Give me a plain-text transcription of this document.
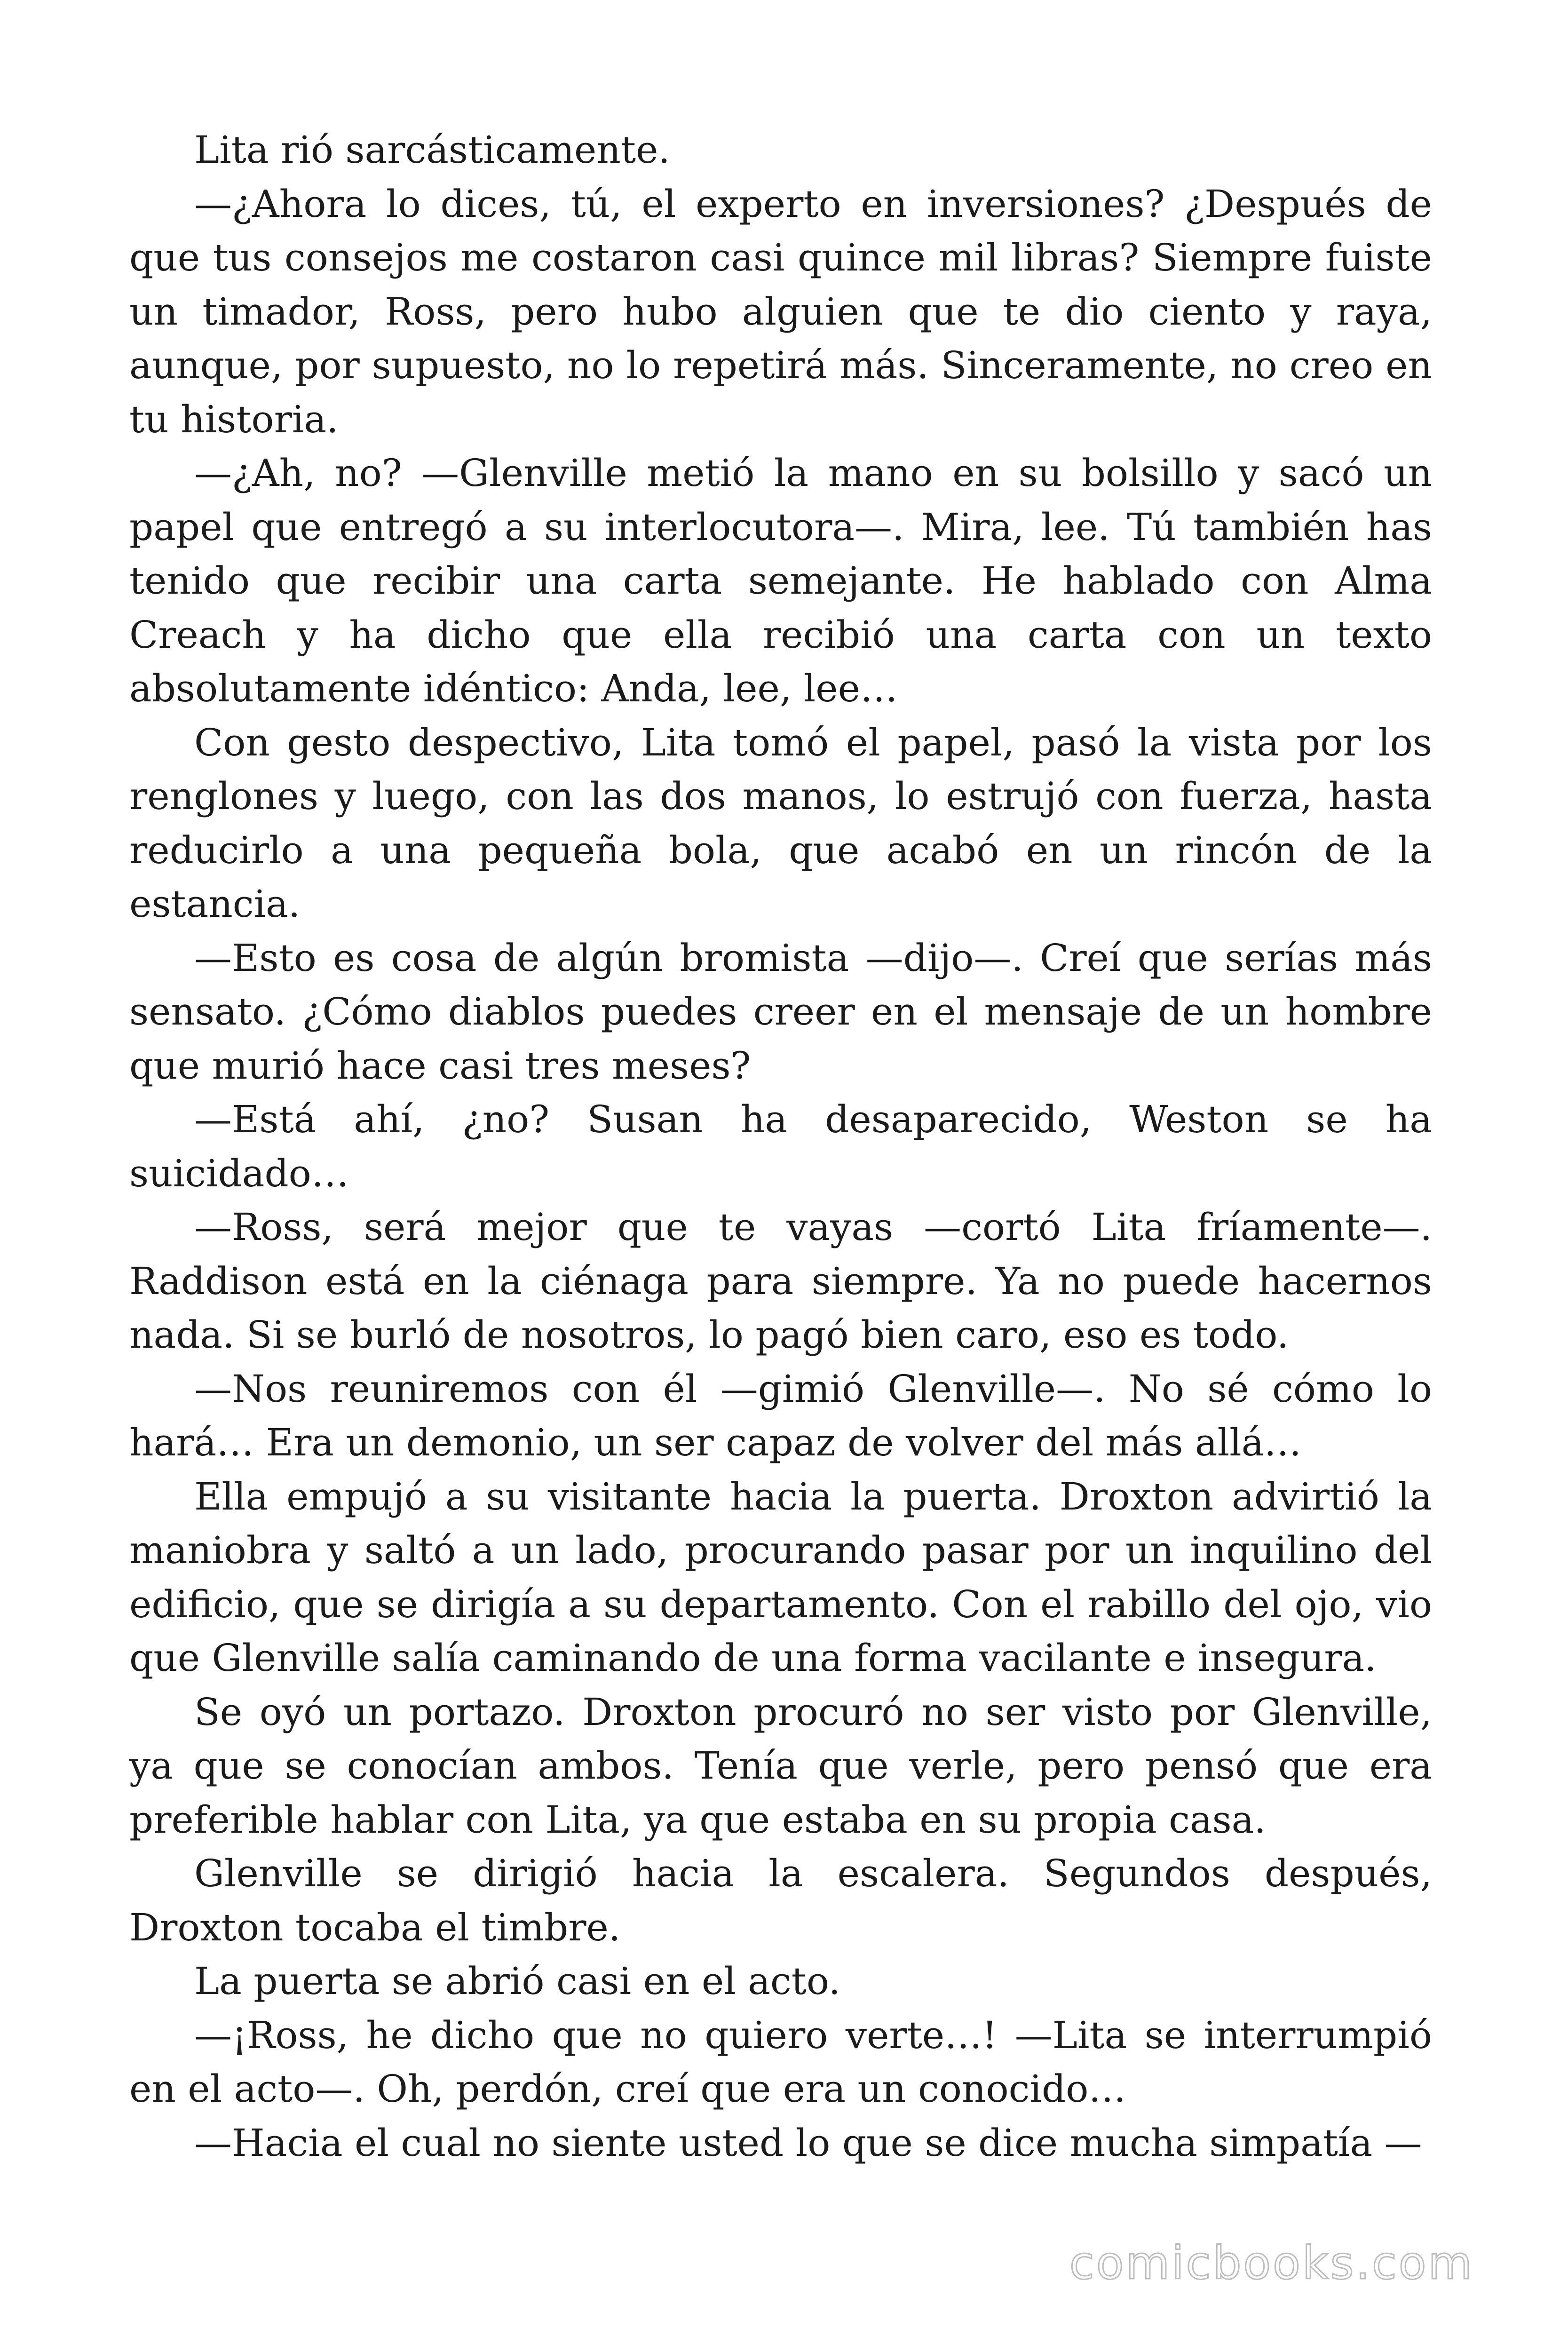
Lita rió sarcásticamente.

—¿Ahora lo dices, tú, el experto en inversiones? ¿Después de que tus consejos me costaron casi quince mil libras? Siempre fuiste un timador, Ross, pero hubo alguien que te dio ciento y raya, aunque, por supuesto, no lo repetirá más. Sinceramente, no creo en tu historia.

—¿Ah, no? —Glenville metió la mano en su bolsillo y sacó un papel que entregó a su interlocutora—. Mira, lee. Tú también has tenido que recibir una carta semejante. He hablado con Alma Creach y ha dicho que ella recibió una carta con un texto absolutamente idéntico: Anda, lee, lee…

Con gesto despectivo, Lita tomó el papel, pasó la vista por los renglones y luego, con las dos manos, lo estrujó con fuerza, hasta reducirlo a una pequeña bola, que acabó en un rincón de la estancia.

—Esto es cosa de algún bromista —dijo—. Creí que serías más sensato. ¿Cómo diablos puedes creer en el mensaje de un hombre que murió hace casi tres meses?

—Está ahí, ¿no? Susan ha desaparecido, Weston se ha suicidado…

—Ross, será mejor que te vayas —cortó Lita fríamente—. Raddison está en la ciénaga para siempre. Ya no puede hacernos nada. Si se burló de nosotros, lo pagó bien caro, eso es todo.

—Nos reuniremos con él —gimió Glenville—. No sé cómo lo hará… Era un demonio, un ser capaz de volver del más allá…

Ella empujó a su visitante hacia la puerta. Droxton advirtió la maniobra y saltó a un lado, procurando pasar por un inquilino del edificio, que se dirigía a su departamento. Con el rabillo del ojo, vio que Glenville salía caminando de una forma vacilante e insegura.

Se oyó un portazo. Droxton procuró no ser visto por Glenville, ya que se conocían ambos. Tenía que verle, pero pensó que era preferible hablar con Lita, ya que estaba en su propia casa.

Glenville se dirigió hacia la escalera. Segundos después, Droxton tocaba el timbre.

La puerta se abrió casi en el acto.

—¡Ross, he dicho que no quiero verte…! —Lita se interrumpió en el acto—. Oh, perdón, creí que era un conocido…

—Hacia el cual no siente usted lo que se dice mucha simpatía —

comicbooks.com
